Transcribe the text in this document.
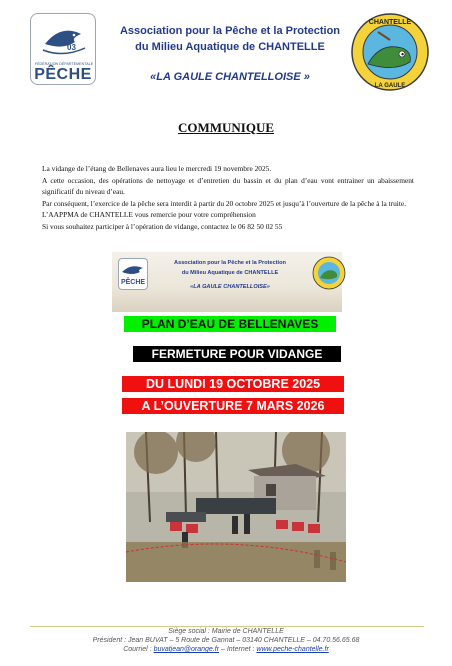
03
FÉDÉRATION DÉPARTEMENTALE
PÊCHE
Association pour la Pêche et la Protection
du Milieu Aquatique de CHANTELLE
«LA GAULE CHANTELLOISE »
CHANTELLE
LA GAULE
COMMUNIQUE

La vidange de l’étang de Bellenaves aura lieu le mercredi 19 novembre 2025.

A cette occasion, des opérations de nettoyage et d’entretien du bassin et du plan d’eau vont entrainer un abaissement significatif du niveau d’eau.

Par conséquent, l’exercice de la pêche sera interdit à partir du 20 octobre 2025 et jusqu’à l’ouverture de la pêche à la truite.

L’AAPPMA de CHANTELLE vous remercie pour votre compréhension

Si vous souhaitez participer à l’opération de vidange, contactez le 06 82 50 02 55

PÊCHE
Association pour la Pêche et la Protection
du Milieu Aquatique de CHANTELLE
«LA GAULE CHANTELLOISE»
PLAN D’EAU DE BELLENAVES
FERMETURE POUR VIDANGE
DU LUNDI 19 OCTOBRE 2025
A L’OUVERTURE 7 MARS 2026
Siège social : Mairie de CHANTELLE
Président : Jean BUVAT – 5 Route de Gannat – 03140 CHANTELLE – 04.70.56.65.68
Courriel : buvatjean@orange.fr – Internet : www.peche-chantelle.fr
